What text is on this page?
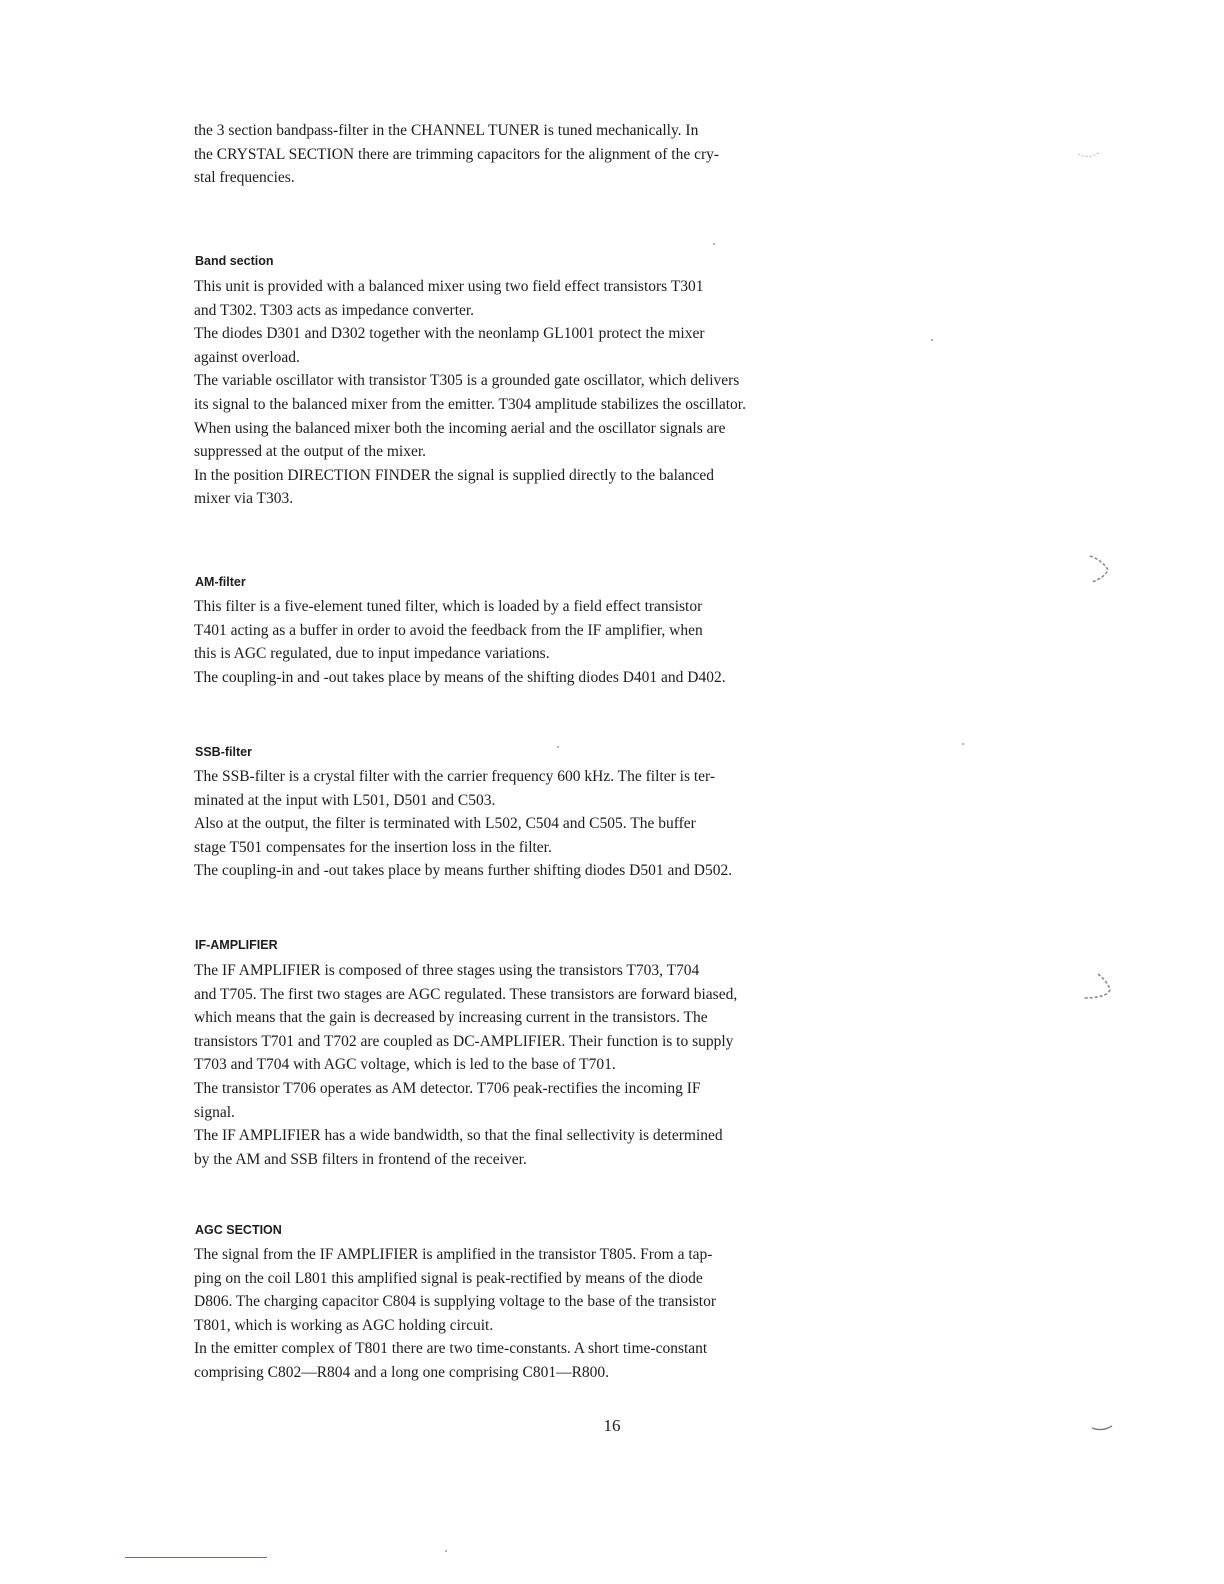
the 3 section bandpass-filter in the CHANNEL TUNER is tuned mechanically. In

the CRYSTAL SECTION there are trimming capacitors for the alignment of the cry-

stal frequencies.

Band section

This unit is provided with a balanced mixer using two field effect transistors T301

and T302. T303 acts as impedance converter.

The diodes D301 and D302 together with the neonlamp GL1001 protect the mixer

against overload.

The variable oscillator with transistor T305 is a grounded gate oscillator, which delivers

its signal to the balanced mixer from the emitter. T304 amplitude stabilizes the oscillator.

When using the balanced mixer both the incoming aerial and the oscillator signals are

suppressed at the output of the mixer.

In the position DIRECTION FINDER the signal is supplied directly to the balanced

mixer via T303.

AM-filter

This filter is a five-element tuned filter, which is loaded by a field effect transistor

T401 acting as a buffer in order to avoid the feedback from the IF amplifier, when

this is AGC regulated, due to input impedance variations.

The coupling-in and -out takes place by means of the shifting diodes D401 and D402.

SSB-filter

The SSB-filter is a crystal filter with the carrier frequency 600 kHz. The filter is ter-

minated at the input with L501, D501 and C503.

Also at the output, the filter is terminated with L502, C504 and C505. The buffer

stage T501 compensates for the insertion loss in the filter.

The coupling-in and -out takes place by means further shifting diodes D501 and D502.

IF-AMPLIFIER

The IF AMPLIFIER is composed of three stages using the transistors T703, T704

and T705. The first two stages are AGC regulated. These transistors are forward biased,

which means that the gain is decreased by increasing current in the transistors. The

transistors T701 and T702 are coupled as DC-AMPLIFIER. Their function is to supply

T703 and T704 with AGC voltage, which is led to the base of T701.

The transistor T706 operates as AM detector. T706 peak-rectifies the incoming IF

signal.

The IF AMPLIFIER has a wide bandwidth, so that the final sellectivity is determined

by the AM and SSB filters in frontend of the receiver.

AGC SECTION

The signal from the IF AMPLIFIER is amplified in the transistor T805. From a tap-

ping on the coil L801 this amplified signal is peak-rectified by means of the diode

D806. The charging capacitor C804 is supplying voltage to the base of the transistor

T801, which is working as AGC holding circuit.

In the emitter complex of T801 there are two time-constants. A short time-constant

comprising C802—R804 and a long one comprising C801—R800.

16
